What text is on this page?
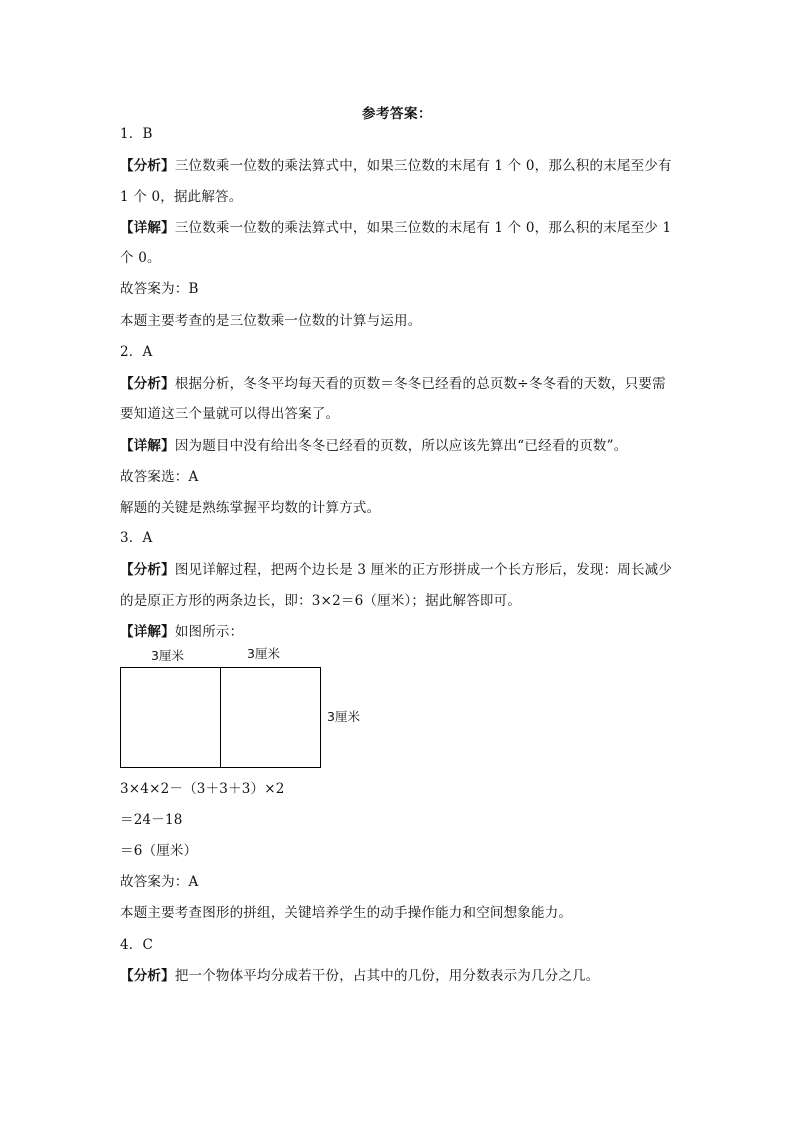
参考答案：
1．B
【分析】三位数乘一位数的乘法算式中，如果三位数的末尾有 1 个 0，那么积的末尾至少有
1 个 0，据此解答。
【详解】三位数乘一位数的乘法算式中，如果三位数的末尾有 1 个 0，那么积的末尾至少 1
个 0。
故答案为：B
本题主要考查的是三位数乘一位数的计算与运用。
2．A
【分析】根据分析，冬冬平均每天看的页数＝冬冬已经看的总页数÷冬冬看的天数，只要需
要知道这三个量就可以得出答案了。
【详解】因为题目中没有给出冬冬已经看的页数，所以应该先算出“已经看的页数”。
故答案选：A
解题的关键是熟练掌握平均数的计算方式。
3．A
【分析】图见详解过程，把两个边长是 3 厘米的正方形拼成一个长方形后，发现：周长减少
的是原正方形的两条边长，即：3×2＝6（厘米）；据此解答即可。
【详解】如图所示：
3厘米	3厘米
3厘米
3×4×2－（3＋3＋3）×2
＝24－18
＝6（厘米）
故答案为：A
本题主要考查图形的拼组，关键培养学生的动手操作能力和空间想象能力。
4．C
【分析】把一个物体平均分成若干份，占其中的几份，用分数表示为几分之几。
